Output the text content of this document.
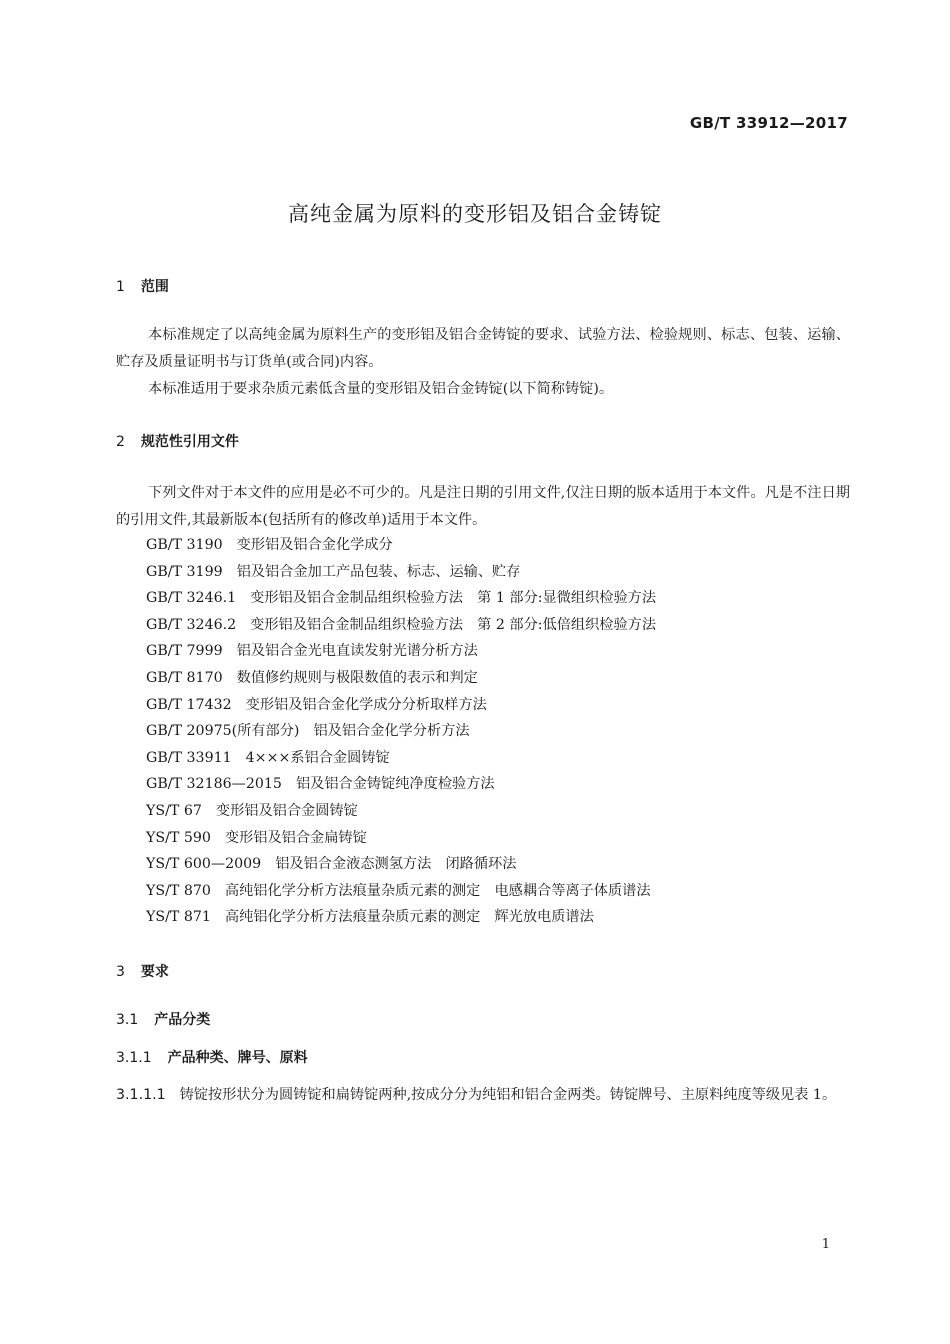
GB/T 33912—2017
高纯金属为原料的变形铝及铝合金铸锭
1 范围
本标准规定了以高纯金属为原料生产的变形铝及铝合金铸锭的要求、试验方法、检验规则、标志、包装、运输、贮存及质量证明书与订货单(或合同)内容。
本标准适用于要求杂质元素低含量的变形铝及铝合金铸锭(以下简称铸锭)。
2 规范性引用文件
下列文件对于本文件的应用是必不可少的。凡是注日期的引用文件,仅注日期的版本适用于本文件。凡是不注日期的引用文件,其最新版本(包括所有的修改单)适用于本文件。
GB/T 3190 变形铝及铝合金化学成分
GB/T 3199 铝及铝合金加工产品包装、标志、运输、贮存
GB/T 3246.1 变形铝及铝合金制品组织检验方法　第 1 部分:显微组织检验方法
GB/T 3246.2 变形铝及铝合金制品组织检验方法　第 2 部分:低倍组织检验方法
GB/T 7999 铝及铝合金光电直读发射光谱分析方法
GB/T 8170 数值修约规则与极限数值的表示和判定
GB/T 17432 变形铝及铝合金化学成分分析取样方法
GB/T 20975(所有部分) 铝及铝合金化学分析方法
GB/T 33911 4×××系铝合金圆铸锭
GB/T 32186—2015 铝及铝合金铸锭纯净度检验方法
YS/T 67 变形铝及铝合金圆铸锭
YS/T 590 变形铝及铝合金扁铸锭
YS/T 600—2009 铝及铝合金液态测氢方法　闭路循环法
YS/T 870 高纯铝化学分析方法痕量杂质元素的测定　电感耦合等离子体质谱法
YS/T 871 高纯铝化学分析方法痕量杂质元素的测定　辉光放电质谱法
3 要求
3.1 产品分类
3.1.1 产品种类、牌号、原料
3.1.1.1 铸锭按形状分为圆铸锭和扁铸锭两种,按成分分为纯铝和铝合金两类。铸锭牌号、主原料纯度等级见表 1。
1
